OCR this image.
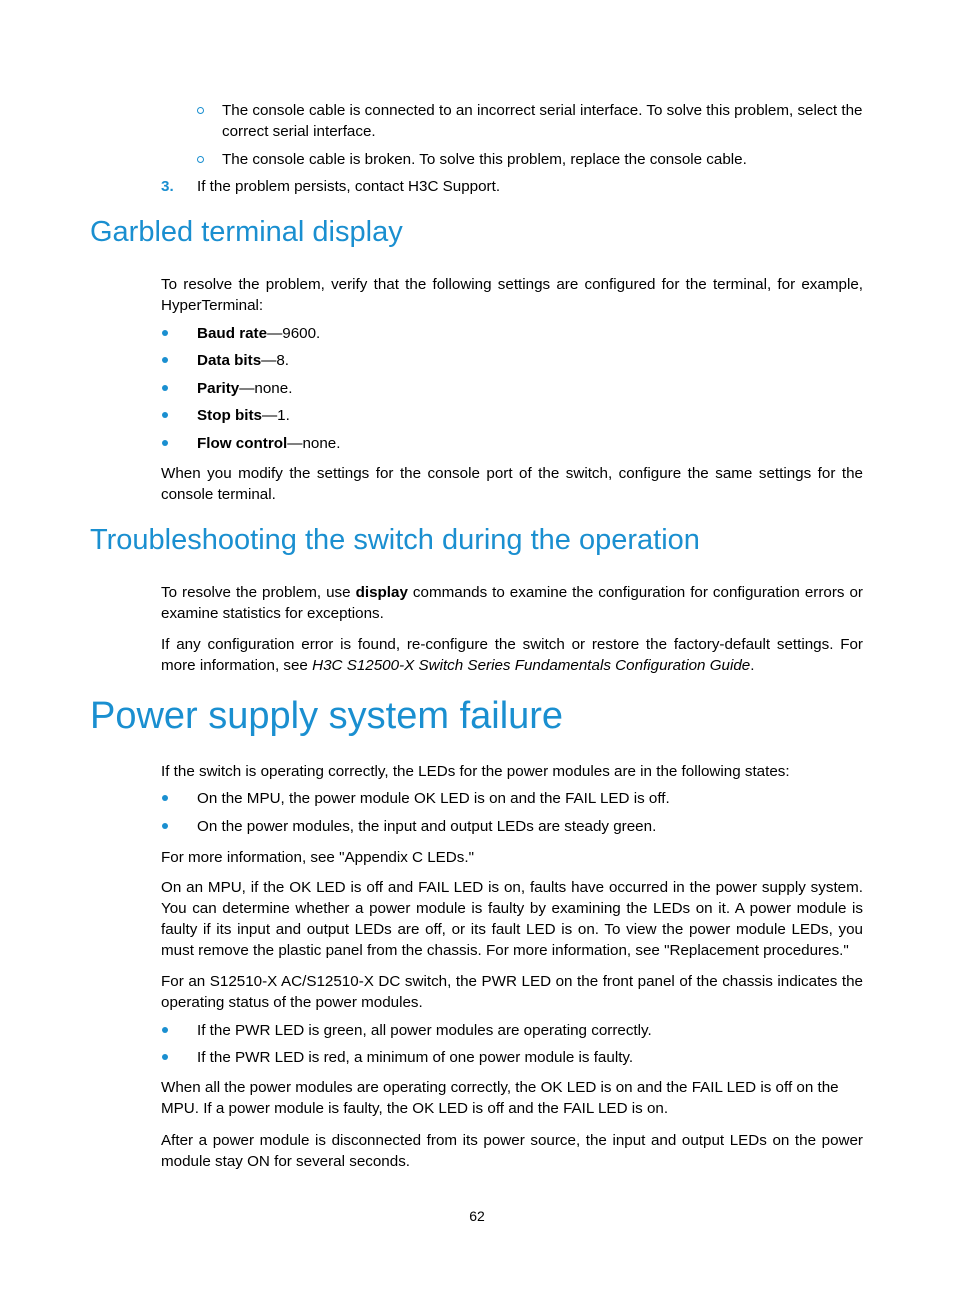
The console cable is connected to an incorrect serial interface. To solve this problem, select the correct serial interface.
The console cable is broken. To solve this problem, replace the console cable.
3. If the problem persists, contact H3C Support.
Garbled terminal display
To resolve the problem, verify that the following settings are configured for the terminal, for example, HyperTerminal:
Baud rate—9600.
Data bits—8.
Parity—none.
Stop bits—1.
Flow control—none.
When you modify the settings for the console port of the switch, configure the same settings for the console terminal.
Troubleshooting the switch during the operation
To resolve the problem, use display commands to examine the configuration for configuration errors or examine statistics for exceptions.
If any configuration error is found, re-configure the switch or restore the factory-default settings. For more information, see H3C S12500-X Switch Series Fundamentals Configuration Guide.
Power supply system failure
If the switch is operating correctly, the LEDs for the power modules are in the following states:
On the MPU, the power module OK LED is on and the FAIL LED is off.
On the power modules, the input and output LEDs are steady green.
For more information, see "Appendix C LEDs."
On an MPU, if the OK LED is off and FAIL LED is on, faults have occurred in the power supply system. You can determine whether a power module is faulty by examining the LEDs on it. A power module is faulty if its input and output LEDs are off, or its fault LED is on. To view the power module LEDs, you must remove the plastic panel from the chassis. For more information, see "Replacement procedures."
For an S12510-X AC/S12510-X DC switch, the PWR LED on the front panel of the chassis indicates the operating status of the power modules.
If the PWR LED is green, all power modules are operating correctly.
If the PWR LED is red, a minimum of one power module is faulty.
When all the power modules are operating correctly, the OK LED is on and the FAIL LED is off on the MPU. If a power module is faulty, the OK LED is off and the FAIL LED is on.
After a power module is disconnected from its power source, the input and output LEDs on the power module stay ON for several seconds.
62
